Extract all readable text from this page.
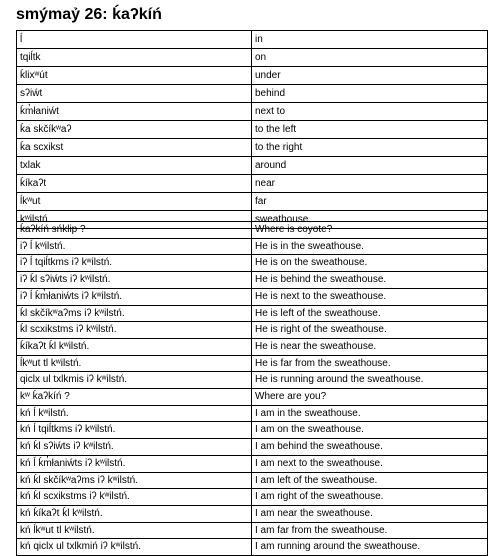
smýmaỷ 26: ḱaʔkíń
ĺ	in
tqiĺtk	on
ḱlixʷút	under
sʔiẃt	behind
ḱm̓łaniẃt	next to
ḱa skčíkʷaʔ	to the left
ḱa scxikst	to the right
txlak	around
ḱíkaʔt	near
ĺkʷut	far
kʷilstń	sweathouse
ḱaʔkíń sńklip ?	Where is coyote?
iʔ ĺ kʷilstń.	He is in the sweathouse.
iʔ ĺ tqiĺtkms iʔ kʷilstń.	He is on the sweathouse.
iʔ ḱl sʔiẃts iʔ kʷilstń.	He is behind the sweathouse.
iʔ ĺ ḱm̓łaniẃts iʔ kʷilstń.	He is next to the sweathouse.
ḱl skčíkʷaʔms iʔ kʷilstń.	He is left of the sweathouse.
ḱl scxikstms iʔ kʷilstń.	He is right of the sweathouse.
ḱíkaʔt ḱl kʷilstń.	He is near the sweathouse.
ĺkʷut tl kʷilstń.	He is far from the sweathouse.
qiclx ul txlkmis iʔ kʷilstń.	He is running around the sweathouse.
kʷ ḱaʔkíń ?	Where are you?
kń ĺ kʷilstń.	I am in the sweathouse.
kń ĺ tqiĺtkms iʔ kʷilstń.	I am on the sweathouse.
kń ḱl sʔiẃts iʔ kʷilstń.	I am behind the sweathouse.
kń ĺ ḱm̓łaniẃts iʔ kʷilstń.	I am next to the sweathouse.
kń ḱl skčíkʷaʔms iʔ kʷilstń.	I am left of the sweathouse.
kń ḱl scxikstms iʔ kʷilstń.	I am right of the sweathouse.
kń ḱíkaʔt ḱl kʷilstń.	I am near the sweathouse.
kń ĺkʷut tl kʷilstń.	I am far from the sweathouse.
kń qiclx ul txlkmiń iʔ kʷilstń.	I am running around the sweathouse.
